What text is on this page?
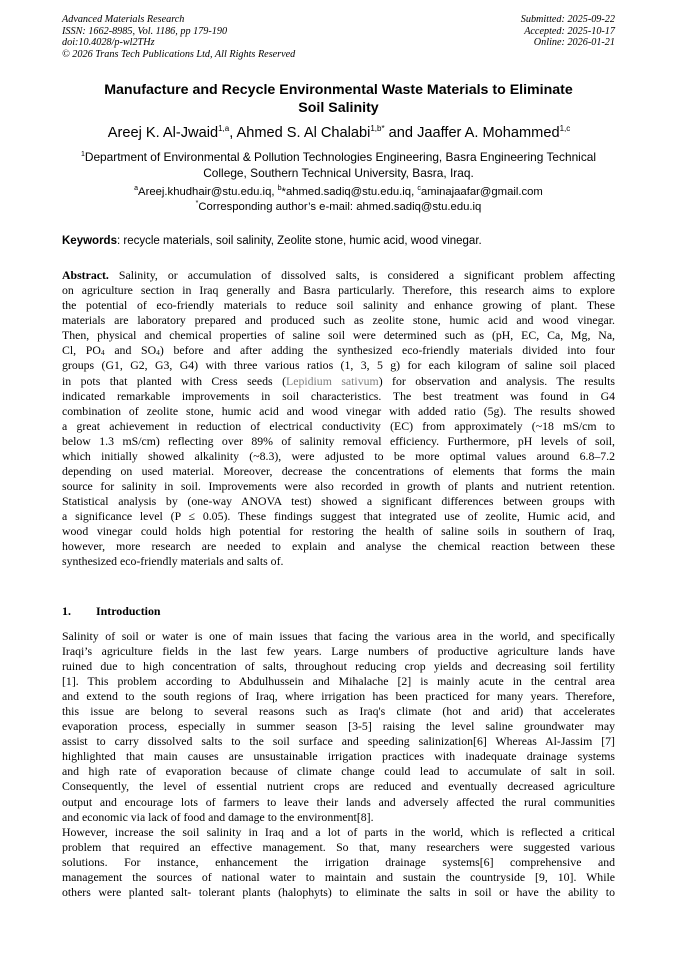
Advanced Materials Research
ISSN: 1662-8985, Vol. 1186, pp 179-190
doi:10.4028/p-wl2THz
© 2026 Trans Tech Publications Ltd, All Rights Reserved
Submitted: 2025-09-22
Accepted: 2025-10-17
Online: 2026-01-21
Manufacture and Recycle Environmental Waste Materials to Eliminate
Soil Salinity
Areej K. Al-Jwaid$^{1,a}$, Ahmed S. Al Chalabi$^{1,b*}$ and Jaaffer A. Mohammed$^{1,c}$
$^1$Department of Environmental & Pollution Technologies Engineering, Basra Engineering Technical
College, Southern Technical University, Basra, Iraq.
$^a$Areej.khudhair@stu.edu.iq, $^b$*ahmed.sadiq@stu.edu.iq, $^c$aminajaafar@gmail.com
*Corresponding author’s e-mail: ahmed.sadiq@stu.edu.iq
Keywords: recycle materials, soil salinity, Zeolite stone, humic acid, wood vinegar.
Abstract. Salinity, or accumulation of dissolved salts, is considered a significant problem affecting
on agriculture section in Iraq generally and Basra particularly. Therefore, this research aims to explore
the potential of eco-friendly materials to reduce soil salinity and enhance growing of plant. These
materials are laboratory prepared and produced such as zeolite stone, humic acid and wood vinegar.
Then, physical and chemical properties of saline soil were determined such as (pH, EC, Ca, Mg, Na,
Cl, $PO_4$ and $SO_4$) before and after adding the synthesized eco-friendly materials divided into four
groups (G1, G2, G3, G4) with three various ratios (1, 3, 5 g) for each kilogram of saline soil placed
in pots that planted with Cress seeds (Lepidium sativum) for observation and analysis. The results
indicated remarkable improvements in soil characteristics. The best treatment was found in G4
combination of zeolite stone, humic acid and wood vinegar with added ratio (5g). The results showed
a great achievement in reduction of electrical conductivity (EC) from approximately (~18 mS/cm to
below 1.3 mS/cm) reflecting over 89% of salinity removal efficiency. Furthermore, pH levels of soil,
which initially showed alkalinity (~8.3), were adjusted to be more optimal values around 6.8–7.2
depending on used material. Moreover, decrease the concentrations of elements that forms the main
source for salinity in soil. Improvements were also recorded in growth of plants and nutrient retention.
Statistical analysis by (one-way ANOVA test) showed a significant differences between groups with
a significance level (P ≤ 0.05). These findings suggest that integrated use of zeolite, Humic acid, and
wood vinegar could holds high potential for restoring the health of saline soils in southern of Iraq,
however, more research are needed to explain and analyse the chemical reaction between these
synthesized eco-friendly materials and salts of.
1. Introduction
Salinity of soil or water is one of main issues that facing the various area in the world, and specifically
Iraqi’s agriculture fields in the last few years. Large numbers of productive agriculture lands have
ruined due to high concentration of salts, throughout reducing crop yields and decreasing soil fertility
[1]. This problem according to Abdulhussein and Mihalache [2] is mainly acute in the central area
and extend to the south regions of Iraq, where irrigation has been practiced for many years. Therefore,
this issue are belong to several reasons such as Iraq's climate (hot and arid) that accelerates
evaporation process, especially in summer season [3-5] raising the level saline groundwater may
assist to carry dissolved salts to the soil surface and speeding salinization[6] Whereas Al-Jassim [7]
highlighted that main causes are unsustainable irrigation practices with inadequate drainage systems
and high rate of evaporation because of climate change could lead to accumulate of salt in soil.
Consequently, the level of essential nutrient crops are reduced and eventually decreased agriculture
output and encourage lots of farmers to leave their lands and adversely affected the rural communities
and economic via lack of food and damage to the environment[8].
However, increase the soil salinity in Iraq and a lot of parts in the world, which is reflected a critical
problem that required an effective management. So that, many researchers were suggested various
solutions. For instance, enhancement the irrigation drainage systems[6] comprehensive and
management the sources of national water to maintain and sustain the countryside [9, 10]. While
others were planted salt- tolerant plants (halophyts) to eliminate the salts in soil or have the ability to
